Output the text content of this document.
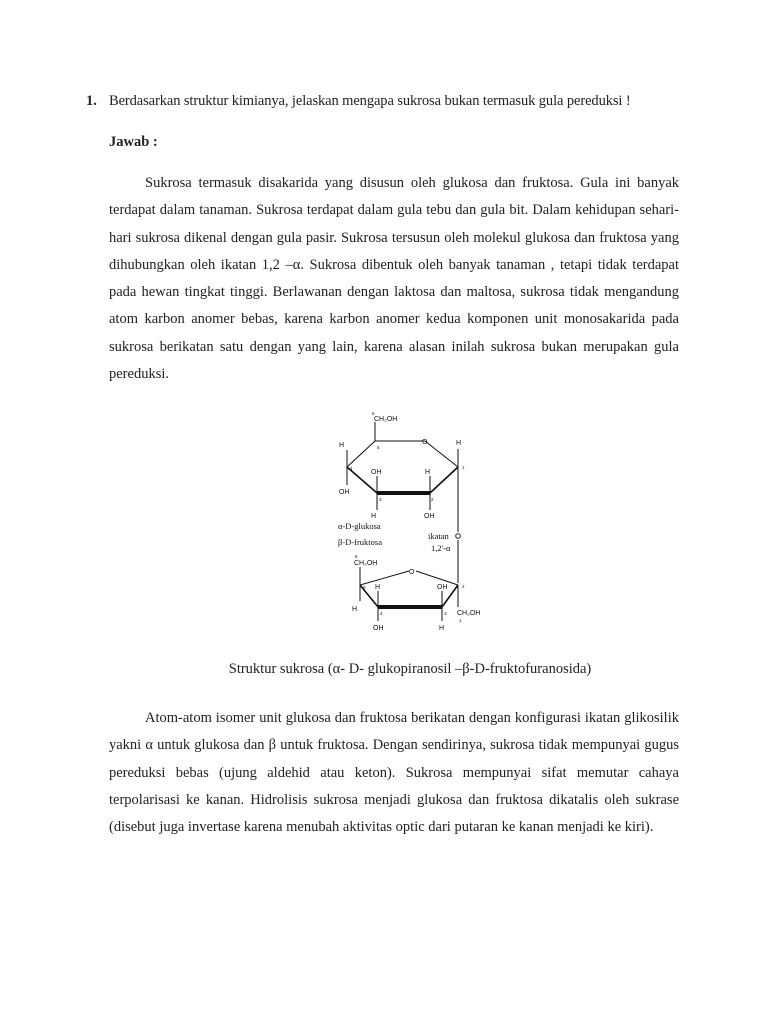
1. Berdasarkan struktur kimianya, jelaskan mengapa sukrosa bukan termasuk gula pereduksi !
Jawab :

Sukrosa termasuk disakarida yang disusun oleh glukosa dan fruktosa. Gula ini banyak terdapat dalam tanaman. Sukrosa terdapat dalam gula tebu dan gula bit. Dalam kehidupan sehari-hari sukrosa dikenal dengan gula pasir. Sukrosa tersusun oleh molekul glukosa dan fruktosa yang dihubungkan oleh ikatan 1,2 –α. Sukrosa dibentuk oleh banyak tanaman , tetapi tidak terdapat pada hewan tingkat tinggi. Berlawanan dengan laktosa dan maltosa, sukrosa tidak mengandung atom karbon anomer bebas, karena karbon anomer kedua komponen unit monosakarida pada sukrosa berikatan satu dengan yang lain, karena alasan inilah sukrosa bukan merupakan gula pereduksi.

6
CH₂OH
5
O	H
1
H
4
OH
OH
3
H
H
2
OH
α-D-glukosa
β-D-fruktosa
ikatan
1,2'-α
6
CH₂OH
O
5
H
H
4
OH
OH
3
H
2
CH₂OH
1
Struktur sukrosa (α- D- glukopiranosil –β-D-fruktofuranosida)

Atom-atom isomer unit glukosa dan fruktosa berikatan dengan konfigurasi ikatan glikosilik yakni α untuk glukosa dan β untuk fruktosa. Dengan sendirinya, sukrosa tidak mempunyai gugus pereduksi bebas (ujung aldehid atau keton). Sukrosa mempunyai sifat memutar cahaya terpolarisasi ke kanan. Hidrolisis sukrosa menjadi glukosa dan fruktosa dikatalis oleh sukrase (disebut juga invertase karena menubah aktivitas optic dari putaran ke kanan menjadi ke kiri).
